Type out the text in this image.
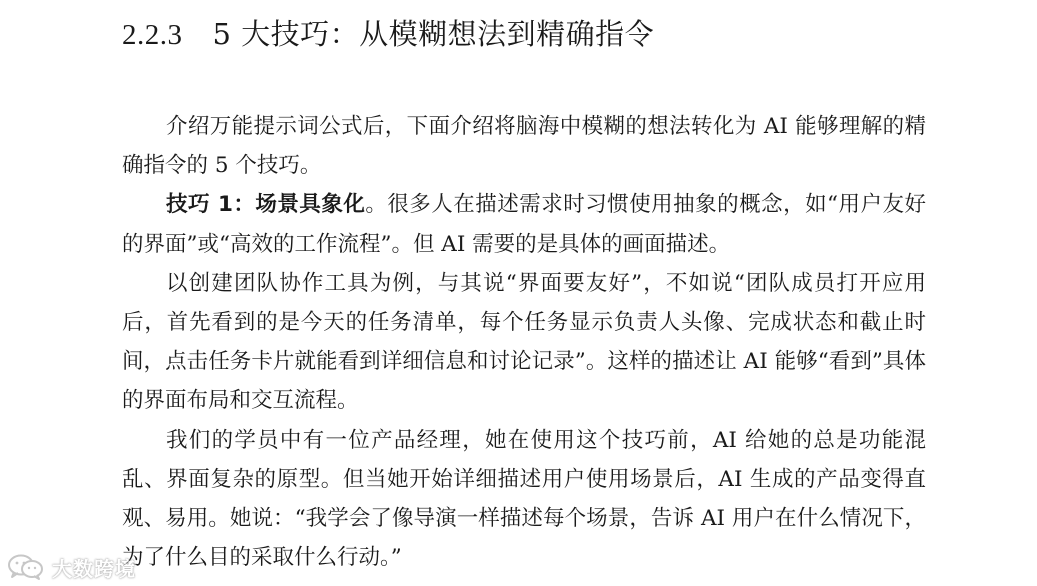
2.2.3 5 大技巧：从模糊想法到精确指令

介绍万能提示词公式后，下面介绍将脑海中模糊的想法转化为 AI 能够理解的精确指令的 5 个技巧。

技巧 1：场景具象化。很多人在描述需求时习惯使用抽象的概念，如“用户友好的界面”或“高效的工作流程”。但 AI 需要的是具体的画面描述。

以创建团队协作工具为例，与其说“界面要友好”，不如说“团队成员打开应用后，首先看到的是今天的任务清单，每个任务显示负责人头像、完成状态和截止时间，点击任务卡片就能看到详细信息和讨论记录”。这样的描述让 AI 能够“看到”具体的界面布局和交互流程。

我们的学员中有一位产品经理，她在使用这个技巧前，AI 给她的总是功能混乱、界面复杂的原型。但当她开始详细描述用户使用场景后，AI 生成的产品变得直观、易用。她说：“我学会了像导演一样描述每个场景，告诉 AI 用户在什么情况下，为了什么目的采取什么行动。”

大数跨境
